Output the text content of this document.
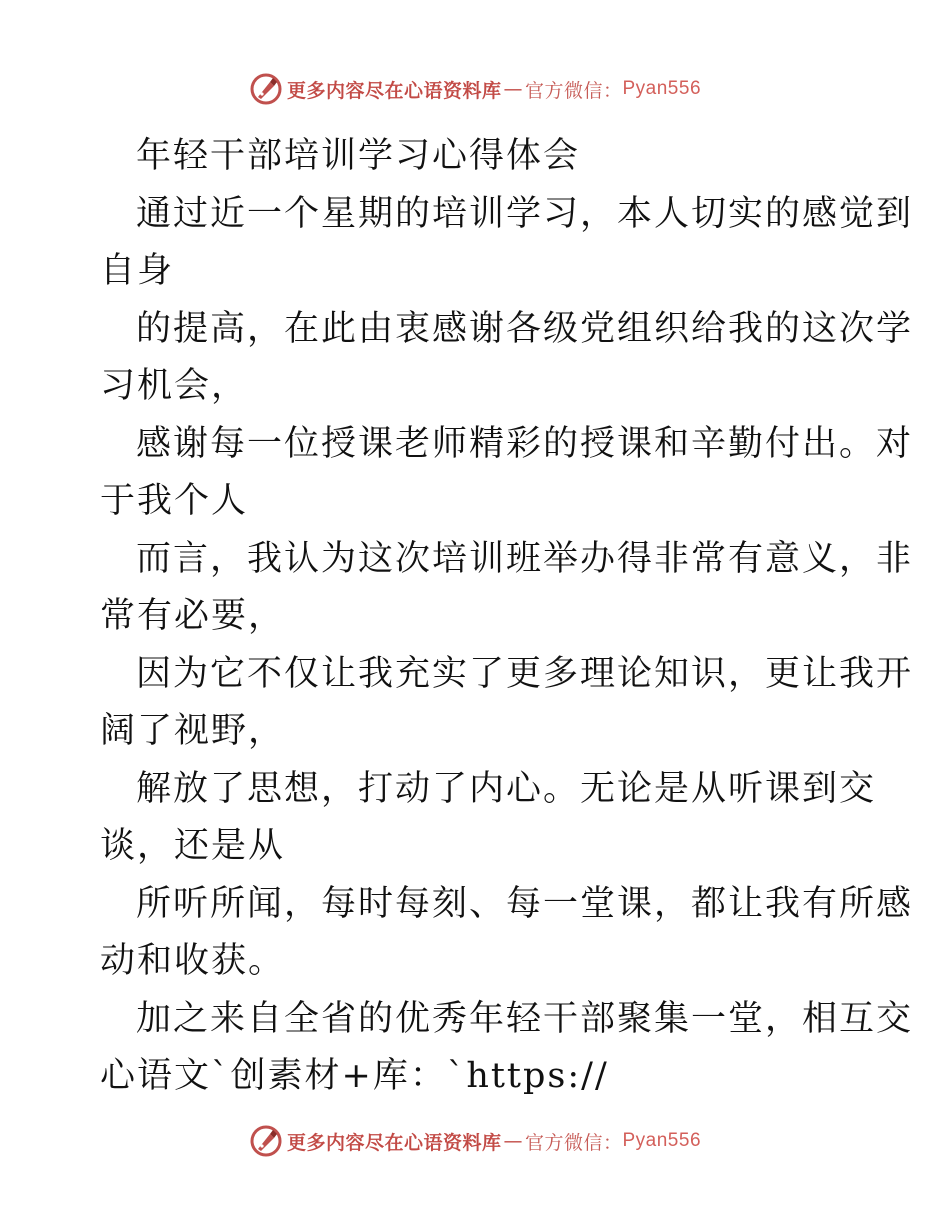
更多内容尽在心语资料库 — 官方微信： Pyan556
年轻干部培训学习心得体会
通过近一个星期的培训学习，本人切实的感觉到
自身
的提高，在此由衷感谢各级党组织给我的这次学
习机会，
感谢每一位授课老师精彩的授课和辛勤付出。对
于我个人
而言，我认为这次培训班举办得非常有意义，非
常有必要，
因为它不仅让我充实了更多理论知识，更让我开
阔了视野，
解放了思想，打动了内心。无论是从听课到交
谈，还是从
所听所闻，每时每刻、每一堂课，都让我有所感
动和收获。
加之来自全省的优秀年轻干部聚集一堂，相互交
心语文`创素材+库：`https://
更多内容尽在心语资料库 — 官方微信： Pyan556
